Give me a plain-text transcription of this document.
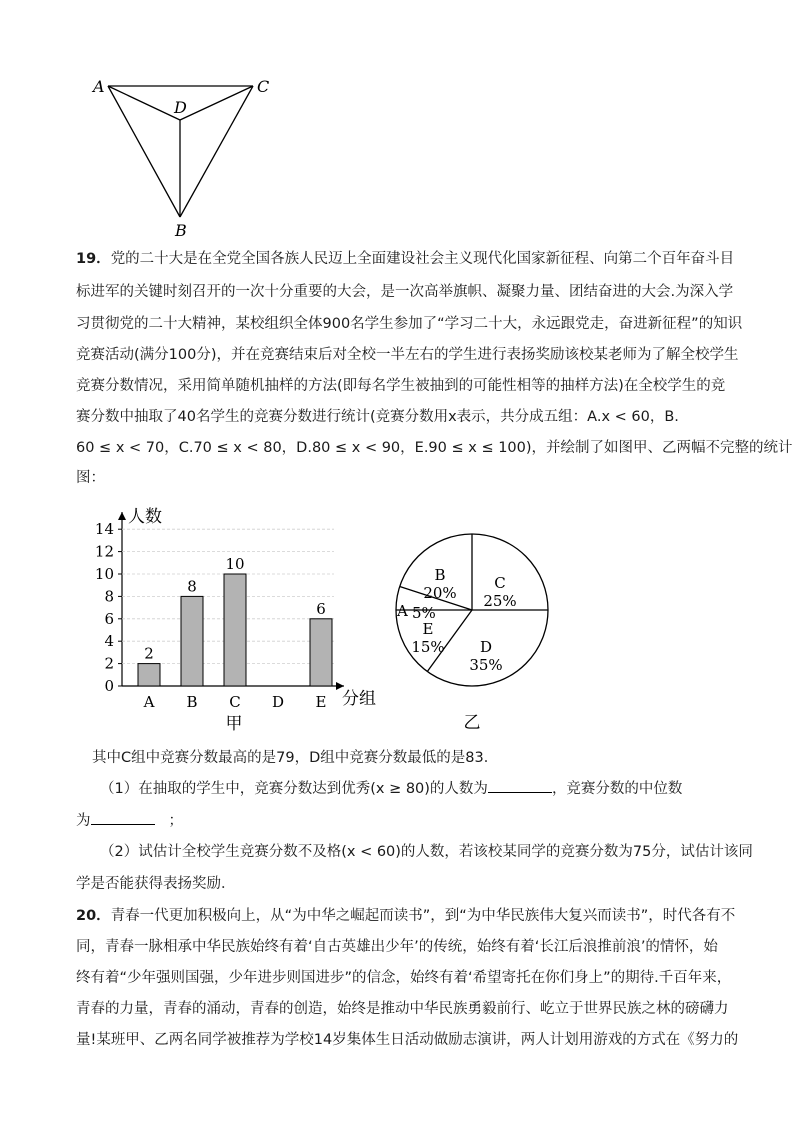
A	C
D
B
19．党的二十大是在全党全国各族人民迈上全面建设社会主义现代化国家新征程、向第二个百年奋斗目
标进军的关键时刻召开的一次十分重要的大会，是一次高举旗帜、凝聚力量、团结奋进的大会.为深入学
习贯彻党的二十大精神，某校组织全体900名学生参加了“学习二十大，永远跟党走，奋进新征程”的知识
竞赛活动(满分100分)，并在竞赛结束后对全校一半左右的学生进行表扬奖励该校某老师为了解全校学生
竞赛分数情况，采用简单随机抽样的方法(即每名学生被抽到的可能性相等的抽样方法)在全校学生的竞
赛分数中抽取了40名学生的竞赛分数进行统计(竞赛分数用x表示，共分成五组：A.x < 60，B.
60 ≤ x < 70，C.70 ≤ x < 80，D.80 ≤ x < 90，E.90 ≤ x ≤ 100)，并绘制了如图甲、乙两幅不完整的统计
图：
人数
分组
0
2
4
6
8
10
12
14
2
A
8
B
10
C D
6
E
甲
C
25%
D
35%
E
15%
B
20%
A 5%
乙
其中C组中竞赛分数最高的是79，D组中竞赛分数最低的是83．
（1）在抽取的学生中，竞赛分数达到优秀(x ≥ 80)的人数为	，竞赛分数的中位数
为	；
（2）试估计全校学生竞赛分数不及格(x < 60)的人数，若该校某同学的竞赛分数为75分，试估计该同
学是否能获得表扬奖励．
20．青春一代更加积极向上，从“为中华之崛起而读书”，到“为中华民族伟大复兴而读书”，时代各有不
同，青春一脉相承中华民族始终有着‘自古英雄出少年’的传统，始终有着‘长江后浪推前浪’的情怀，始
终有着“少年强则国强，少年进步则国进步”的信念，始终有着‘希望寄托在你们身上”的期待.千百年来，
青春的力量，青春的涌动，青春的创造，始终是推动中华民族勇毅前行、屹立于世界民族之林的磅礴力
量!某班甲、乙两名同学被推荐为学校14岁集体生日活动做励志演讲，两人计划用游戏的方式在《努力的
